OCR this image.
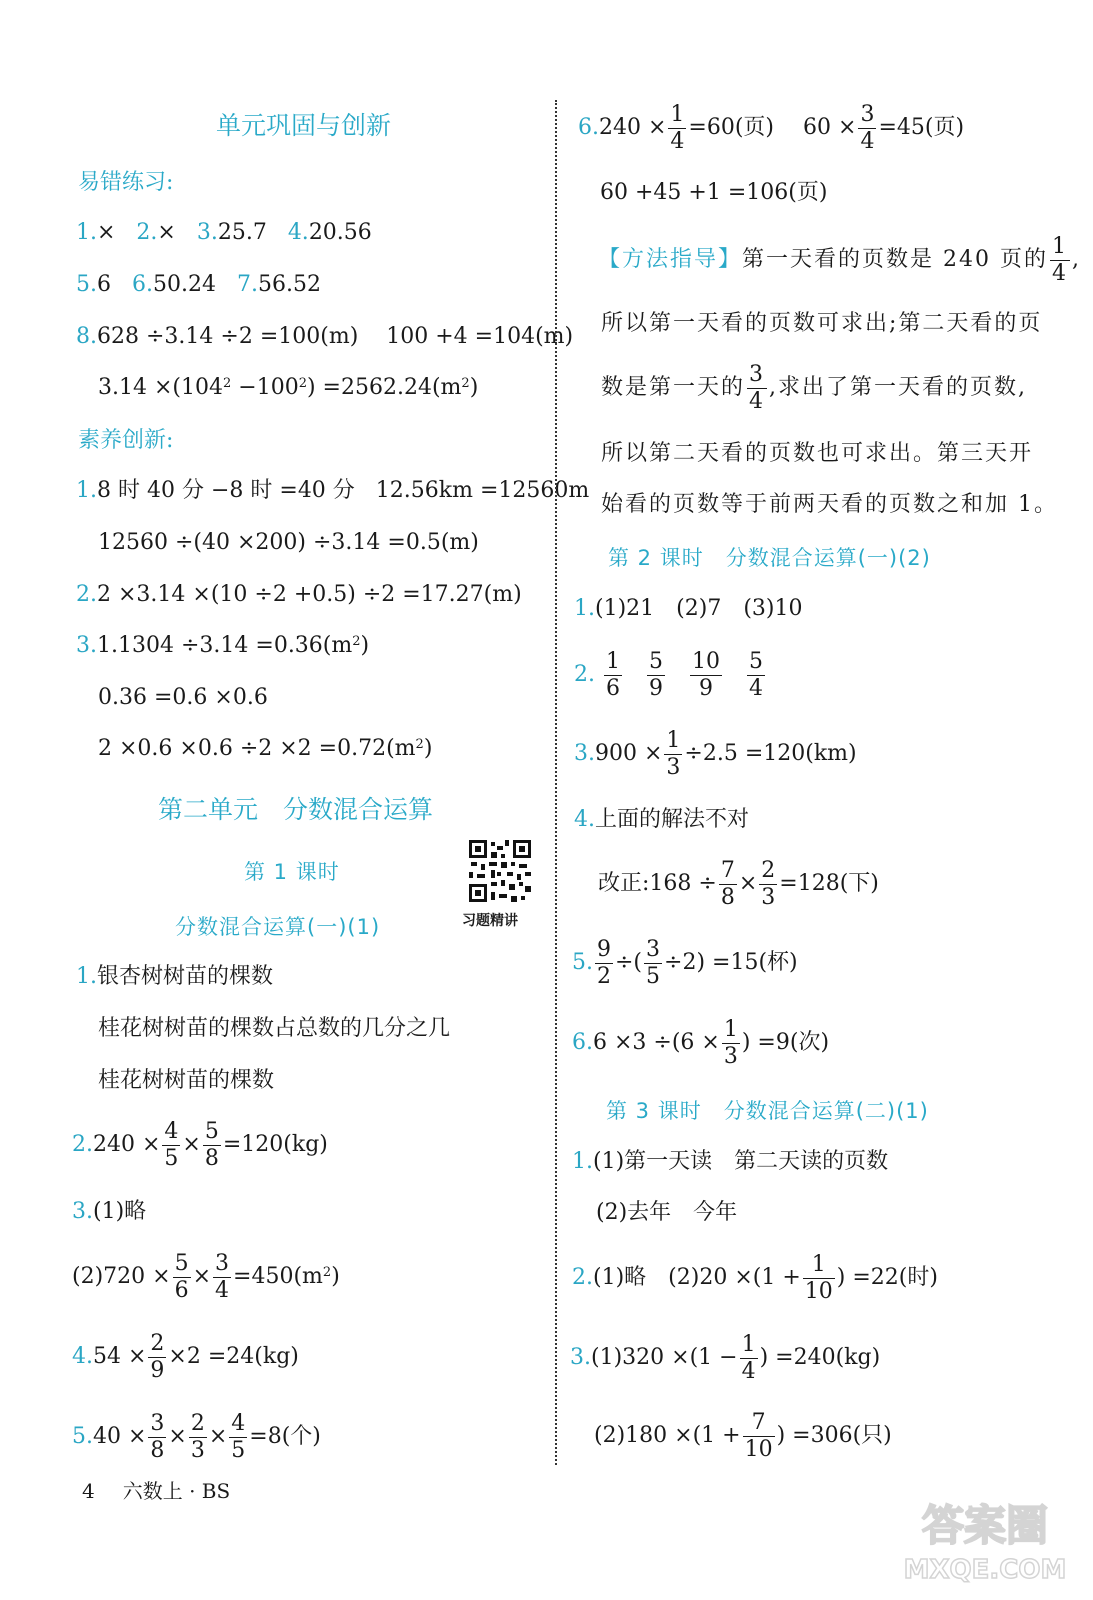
单元巩固与创新
易错练习:
1.× 2.× 3.25.7 4.20.56
5.6 6.50.24 7.56.52
8.628 ÷3.14 ÷2 =100(m) 100 +4 =104(m)
$3.14 \times(104^2 -100^2) =2562.24(m^2)$
素养创新:
1.8 时 40 分 −8 时 =40 分 12.56km =12560m
12560 ÷(40 ×200) ÷3.14 =0.5(m)
2.2 ×3.14 ×(10 ÷2 +0.5) ÷2 =17.27(m)
$3.1.1304 \div 3.14 =0.36(m^2)$
0.36 =0.6 ×0.6
$2 \times 0.6 \times 0.6 \div 2 \times 2 =0.72(m^2)$
第二单元　分数混合运算
第 1 课时
分数混合运算(一)(1)	习题精讲
1.银杏树树苗的棵数
桂花树树苗的棵数占总数的几分之几
桂花树树苗的棵数
$2.240 \times \frac{4}{5} \times \frac{5}{8} =120(kg)$
3.(1)略
$(2)720 \times \frac{5}{6} \times \frac{3}{4} =450(m^2)$
$4.54 \times \frac{2}{9} \times 2 =24(kg)$
$5.40 \times \frac{3}{8} \times \frac{2}{3} \times \frac{4}{5} =8$(个)
$6.240 \times \frac{1}{4} =60$(页)　 $60 \times \frac{3}{4} =45$(页)
60 +45 +1 =106(页)
【方法指导】第一天看的页数是 240 页的 $\frac{1}{4}$ ,
所以第一天看的页数可求出;第二天看的页
数是第一天的 $\frac{3}{4}$ ,求出了第一天看的页数,
所以第二天看的页数也可求出。第三天开
始看的页数等于前两天看的页数之和加 1。
第 2 课时　分数混合运算(一)(2)
1.(1)21　(2)7　(3)10
2. $\frac{1}{6}$
$\frac{5}{9}$
$\frac{10}{9}$
$\frac{5}{4}$
$3.900 \times \frac{1}{3} \div 2.5 =120(km)$
4.上面的解法不对
改正:168 ÷ $\frac{7}{8} \times \frac{2}{3} =128$(下)
5. $\frac{9}{2}$ ÷( $\frac{3}{5} \div 2) =15$(杯)
$6.6 \times 3 \div(6 \times \frac{1}{3}$ ) =9(次)
第 3 课时　分数混合运算(二)(1)
1.(1)第一天读　第二天读的页数
(2)去年　今年
2.(1)略　$(2)20 \times(1 + \frac{1}{10}$ ) =22(时)
$3.(1)320 \times(1 - \frac{1}{4}$ ) =240(kg)
$(2)180 \times(1 + \frac{7}{10}$ ) =306(只)
4 六数上 · BS
答案圈
MXQE.COM
